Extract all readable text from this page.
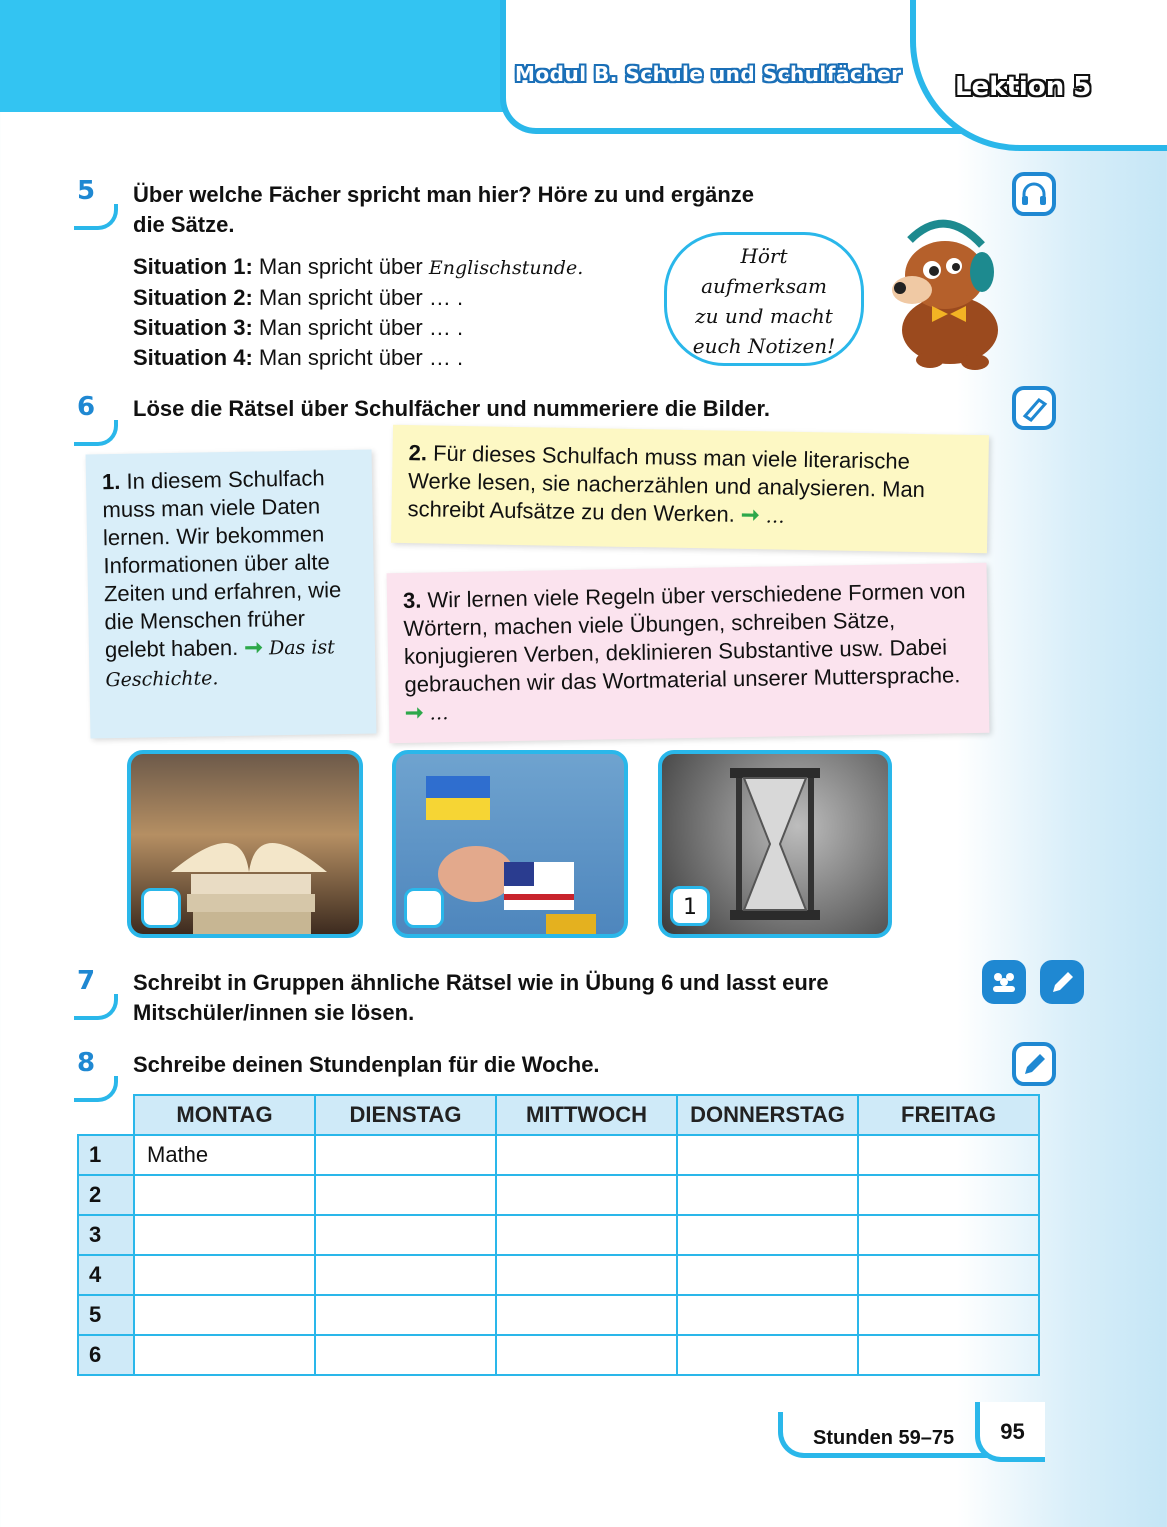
Modul B. Schule und Schulfächer Lektion 5
5	Über welche Fächer spricht man hier? Höre zu und ergänze
die Sätze.
Situation 1: Man spricht über Englischstunde.
Situation 2: Man spricht über … .
Situation 3: Man spricht über … .
Situation 4: Man spricht über … .
Hört
aufmerksam
zu und macht
euch Notizen!
6	Löse die Rätsel über Schulfächer und nummeriere die Bilder.
1. In diesem Schulfach muss man viele Daten lernen. Wir bekommen Informationen über alte Zeiten und erfahren, wie die Menschen früher gelebt haben. ➞ Das ist Geschichte.
2. Für dieses Schulfach muss man viele literarische Werke lesen, sie nacherzählen und analysieren. Man schreibt Aufsätze zu den Werken. ➞ …
3. Wir lernen viele Regeln über verschiedene Formen von Wörtern, machen viele Übungen, schreiben Sätze, konjugieren Verben, deklinieren Substantive usw. Dabei gebrauchen wir das Wortmaterial unserer Muttersprache. ➞ …
1
7	Schreibt in Gruppen ähnliche Rätsel wie in Übung 6 und lasst eure
Mitschüler/innen sie lösen.
8	Schreibe deinen Stundenplan für die Woche.
	MONTAG	DIENSTAG	MITTWOCH	DONNERSTAG	FREITAG
1	Mathe				
2					
3					
4					
5					
6					
Stunden 59–75	95
